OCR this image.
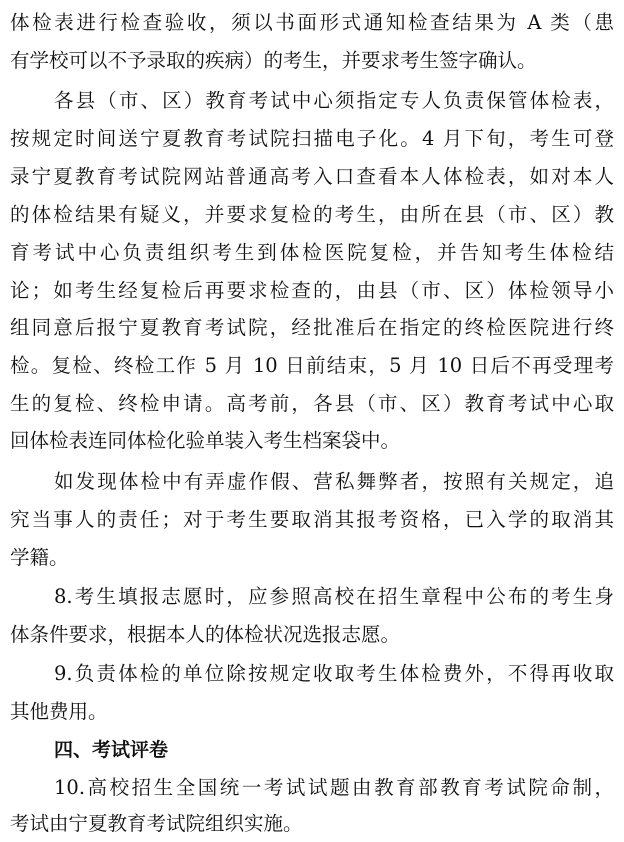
体检表进行检查验收，须以书面形式通知检查结果为 A 类（患
有学校可以不予录取的疾病）的考生，并要求考生签字确认。
各县（市、区）教育考试中心须指定专人负责保管体检表，
按规定时间送宁夏教育考试院扫描电子化。4 月下旬，考生可登
录宁夏教育考试院网站普通高考入口查看本人体检表，如对本人
的体检结果有疑义，并要求复检的考生，由所在县（市、区）教
育考试中心负责组织考生到体检医院复检，并告知考生体检结
论；如考生经复检后再要求检查的，由县（市、区）体检领导小
组同意后报宁夏教育考试院，经批准后在指定的终检医院进行终
检。复检、终检工作 5 月 10 日前结束，5 月 10 日后不再受理考
生的复检、终检申请。高考前，各县（市、区）教育考试中心取
回体检表连同体检化验单装入考生档案袋中。
如发现体检中有弄虚作假、营私舞弊者，按照有关规定，追
究当事人的责任；对于考生要取消其报考资格，已入学的取消其
学籍。
8.考生填报志愿时，应参照高校在招生章程中公布的考生身
体条件要求，根据本人的体检状况选报志愿。
9.负责体检的单位除按规定收取考生体检费外，不得再收取
其他费用。
四、考试评卷
10.高校招生全国统一考试试题由教育部教育考试院命制，
考试由宁夏教育考试院组织实施。
